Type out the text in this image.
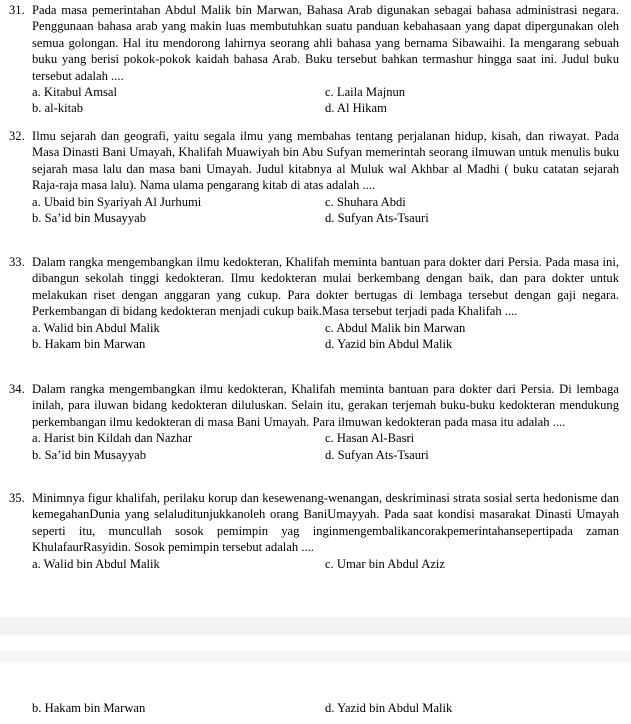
31. Pada masa pemerintahan Abdul Malik bin Marwan, Bahasa Arab digunakan sebagai bahasa administrasi negara. Penggunaan bahasa arab yang makin luas membutuhkan suatu panduan kebahasaan yang dapat dipergunakan oleh semua golongan. Hal itu mendorong lahirnya seorang ahli bahasa yang bernama Sibawaihi. Ia mengarang sebuah buku yang berisi pokok-pokok kaidah bahasa Arab. Buku tersebut bahkan termashur hingga saat ini. Judul buku tersebut adalah ....
a. Kitabul Amsal	c. Laila Majnun
b. al-kitab	d. Al Hikam
32. Ilmu sejarah dan geografi, yaitu segala ilmu yang membahas tentang perjalanan hidup, kisah, dan riwayat. Pada Masa Dinasti Bani Umayah, Khalifah Muawiyah bin Abu Sufyan memerintah seorang ilmuwan untuk menulis buku sejarah masa lalu dan masa bani Umayah. Judul kitabnya al Muluk wal Akhbar al Madhi ( buku catatan sejarah Raja-raja masa lalu). Nama ulama pengarang kitab di atas adalah ....
a. Ubaid bin Syariyah Al Jurhumi	c. Shuhara Abdi
b. Sa’id bin Musayyab	d. Sufyan Ats-Tsauri
33. Dalam rangka mengembangkan ilmu kedokteran, Khalifah meminta bantuan para dokter dari Persia. Pada masa ini, dibangun sekolah tinggi kedokteran. Ilmu kedokteran mulai berkembang dengan baik, dan para dokter untuk melakukan riset dengan anggaran yang cukup. Para dokter bertugas di lembaga tersebut dengan gaji negara. Perkembangan di bidang kedokteran menjadi cukup baik.Masa tersebut terjadi pada Khalifah ....
a. Walid bin Abdul Malik	c. Abdul Malik bin Marwan
b. Hakam bin Marwan	d. Yazid bin Abdul Malik
34. Dalam rangka mengembangkan ilmu kedokteran, Khalifah meminta bantuan para dokter dari Persia. Di lembaga inilah, para iluwan bidang kedokteran diluluskan. Selain itu, gerakan terjemah buku-buku kedokteran mendukung perkembangan ilmu kedokteran di masa Bani Umayah. Para ilmuwan kedokteran pada masa itu adalah ....
a. Harist bin Kildah dan Nazhar	c. Hasan Al-Basri
b. Sa’id bin Musayyab	d. Sufyan Ats-Tsauri
35. Minimnya figur khalifah, perilaku korup dan kesewenang-wenangan, deskriminasi strata sosial serta hedonisme dan kemegahanDunia yang selaluditunjukkanoleh orang BaniUmayyah. Pada saat kondisi masarakat Dinasti Umayah seperti itu, muncullah sosok pemimpin yag inginmengembalikancorakpemerintahansepertipada zaman KhulafaurRasyidin. Sosok pemimpin tersebut adalah ....
a. Walid bin Abdul Malik	c. Umar bin Abdul Aziz
b. Hakam bin Marwan	d. Yazid bin Abdul Malik
